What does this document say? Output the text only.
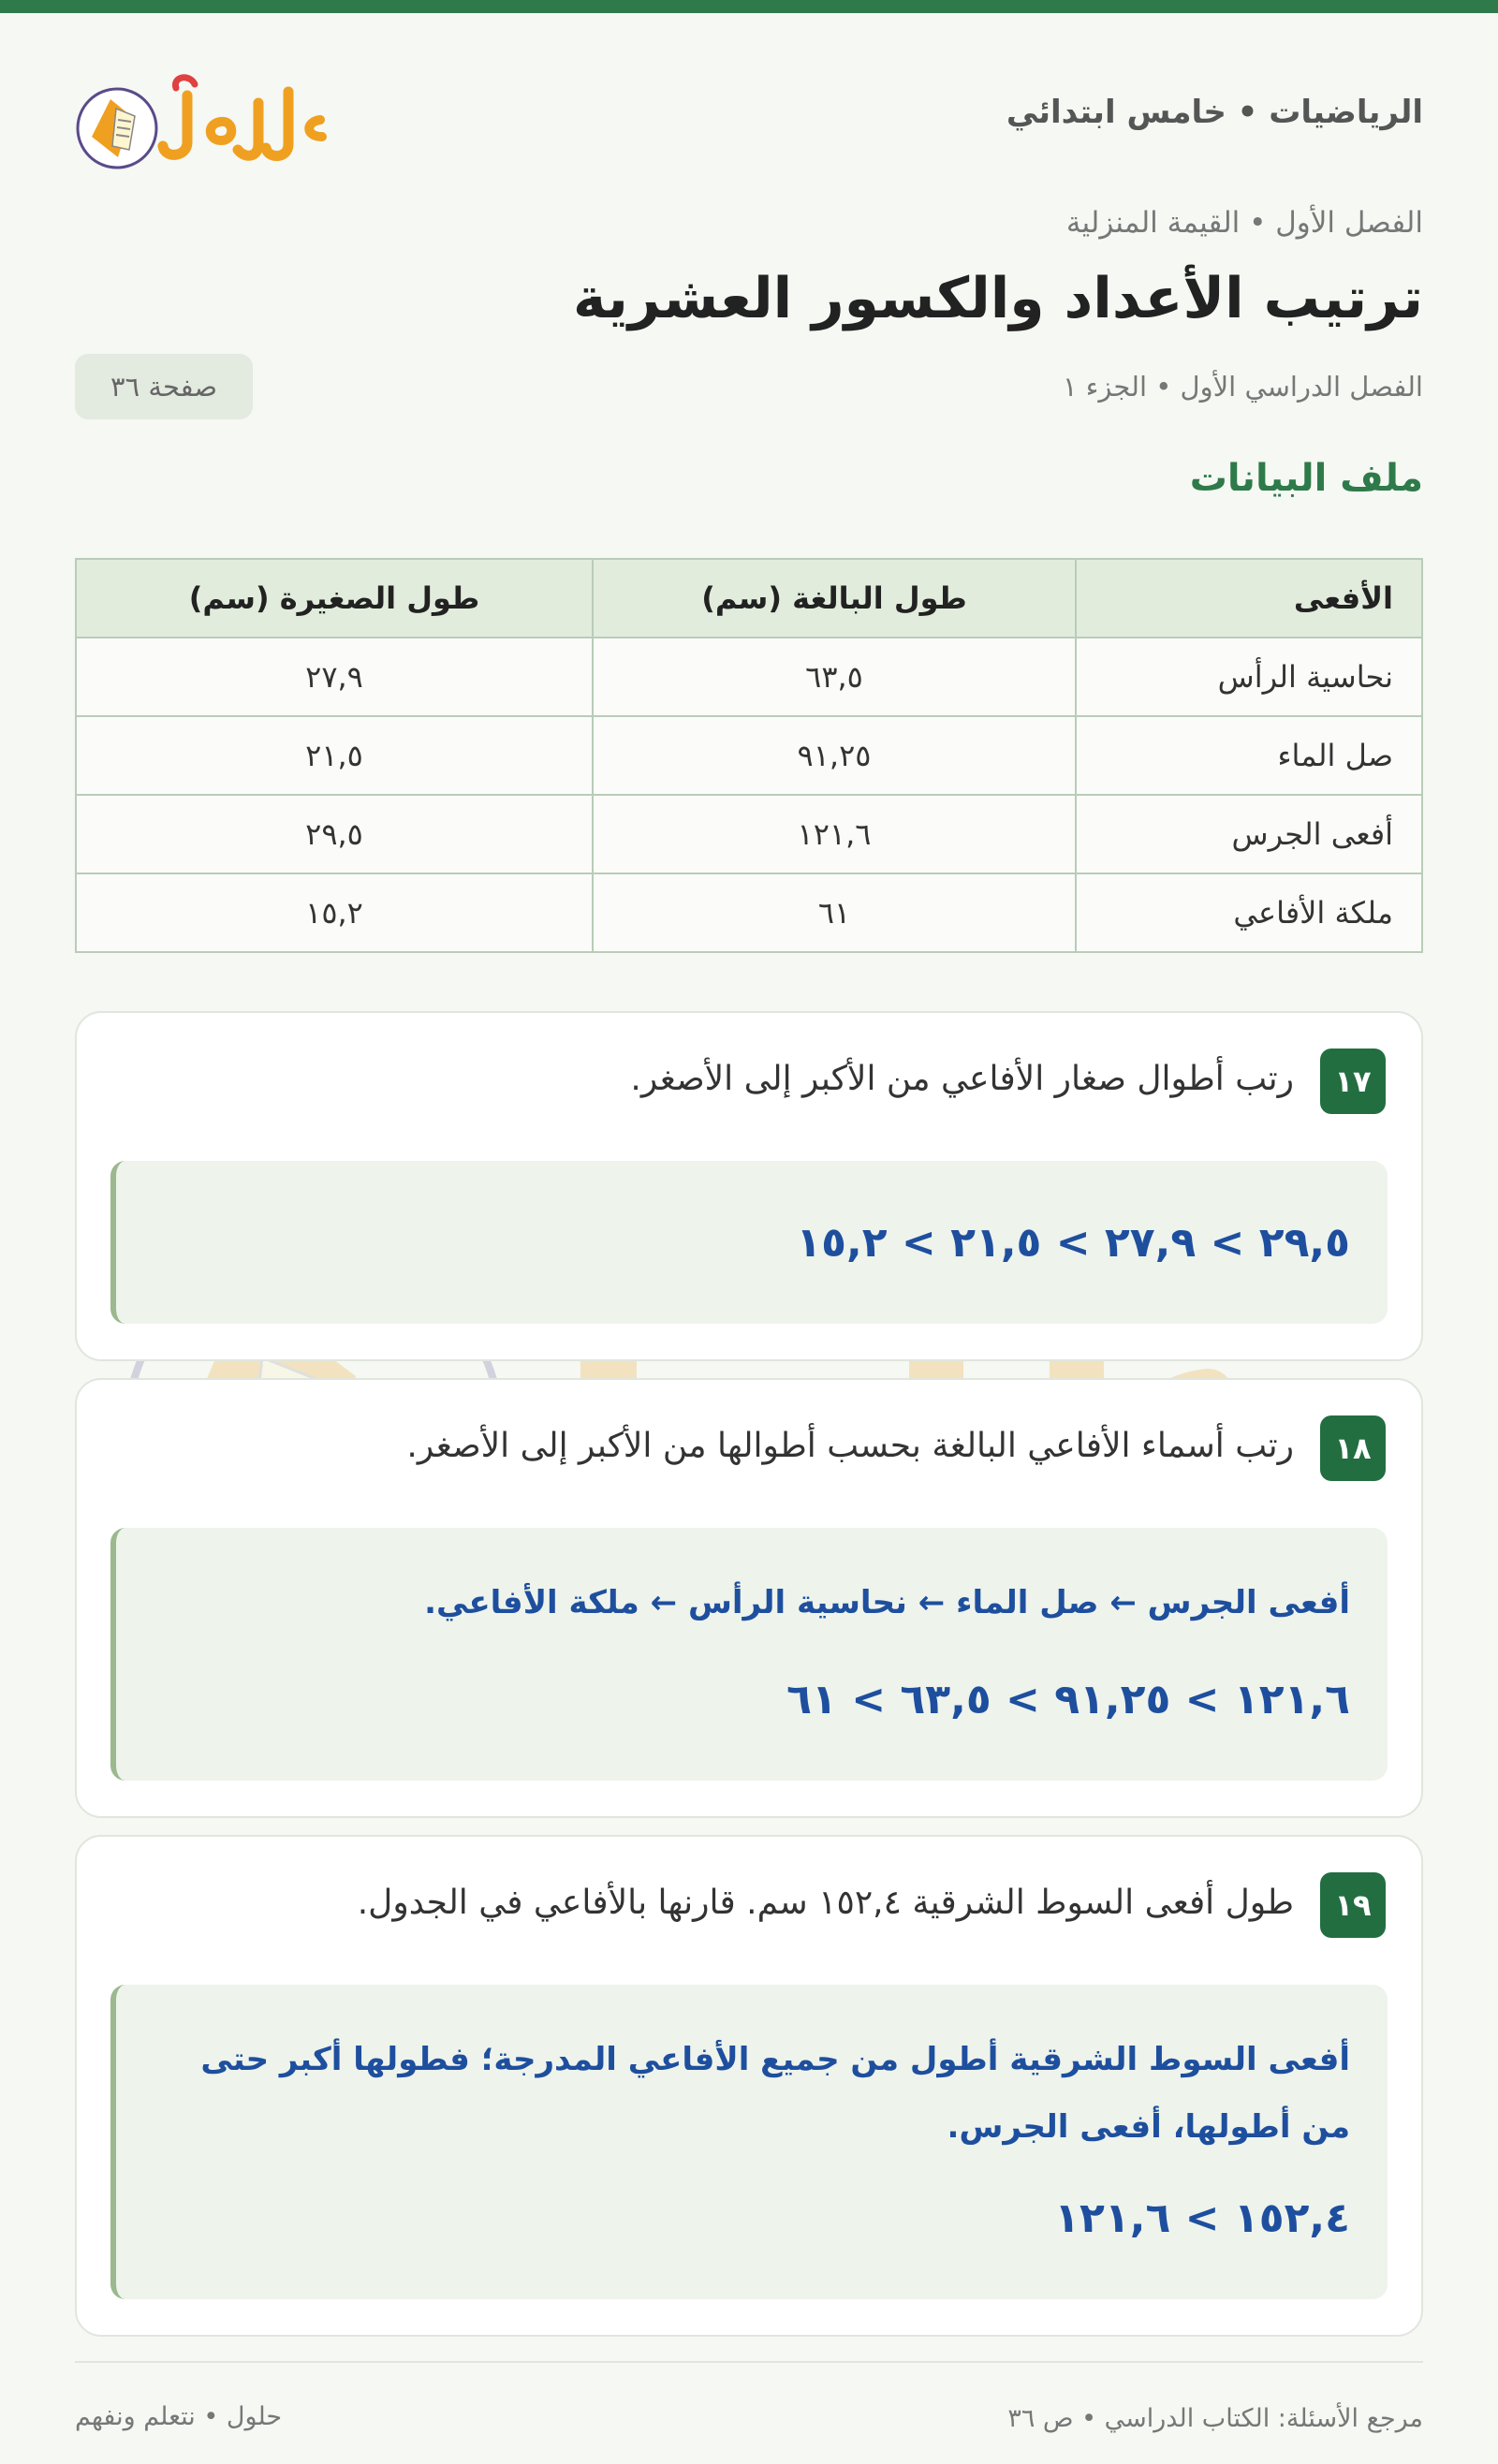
الرياضيات • خامس ابتدائي
الفصل الأول • القيمة المنزلية
ترتيب الأعداد والكسور العشرية
الفصل الدراسي الأول • الجزء ١
صفحة ٣٦
ملف البيانات
الأفعى	طول البالغة (سم)	طول الصغيرة (سم)
نحاسية الرأس	٦٣,٥	٢٧,٩
صل الماء	٩١,٢٥	٢١,٥
أفعى الجرس	١٢١,٦	٢٩,٥
ملكة الأفاعي	٦١	١٥,٢
١٧
رتب أطوال صغار الأفاعي من الأكبر إلى الأصغر.
٢٩,٥ > ٢٧,٩ > ٢١,٥ > ١٥,٢
١٨
رتب أسماء الأفاعي البالغة بحسب أطوالها من الأكبر إلى الأصغر.
أفعى الجرس ← صل الماء ← نحاسية الرأس ← ملكة الأفاعي.
١٢١,٦ > ٩١,٢٥ > ٦٣,٥ > ٦١
١٩
طول أفعى السوط الشرقية ١٥٢,٤ سم. قارنها بالأفاعي في الجدول.
أفعى السوط الشرقية أطول من جميع الأفاعي المدرجة؛ فطولها أكبر حتى من أطولها، أفعى الجرس.
١٥٢,٤ > ١٢١,٦
مرجع الأسئلة: الكتاب الدراسي • ص ٣٦
حلول • نتعلم ونفهم
